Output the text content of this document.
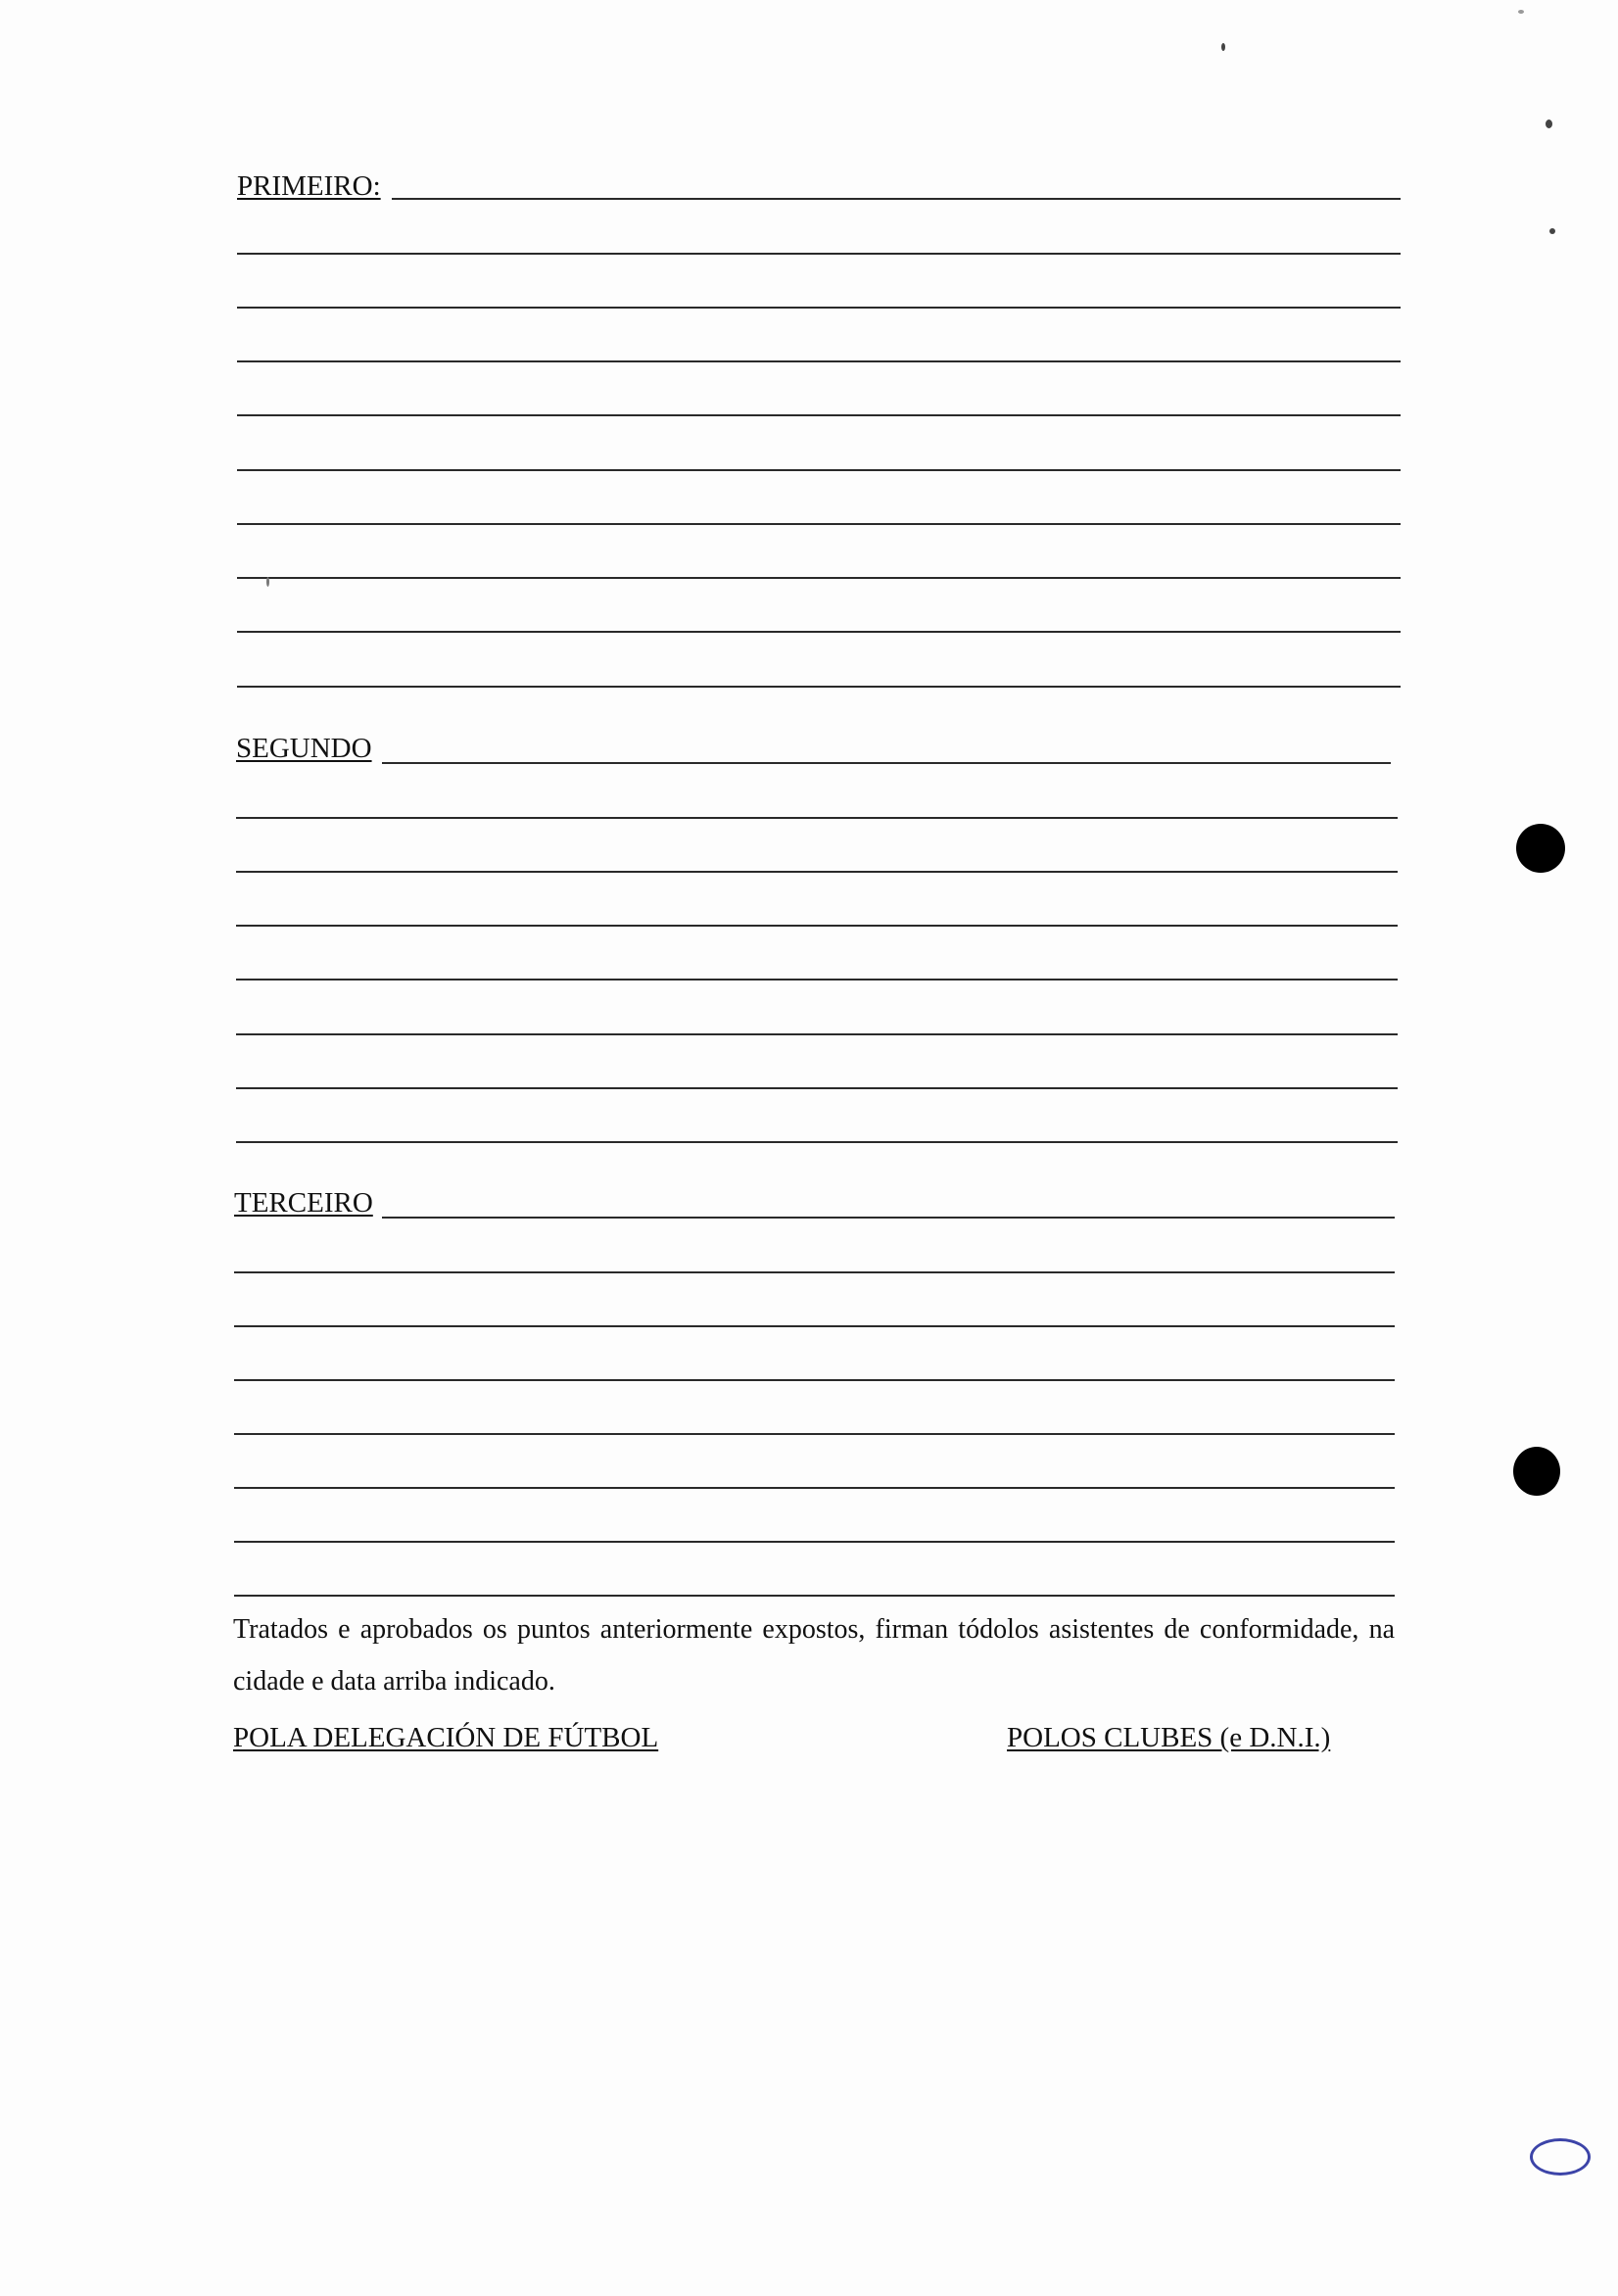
PRIMEIRO:
SEGUNDO
TERCEIRO

Tratados e aprobados os puntos anteriormente expostos, firman tódolos asistentes de conformidade, na cidade e data arriba indicado.

POLA DELEGACIÓN DE FÚTBOL	POLOS CLUBES (e D.N.I.)
